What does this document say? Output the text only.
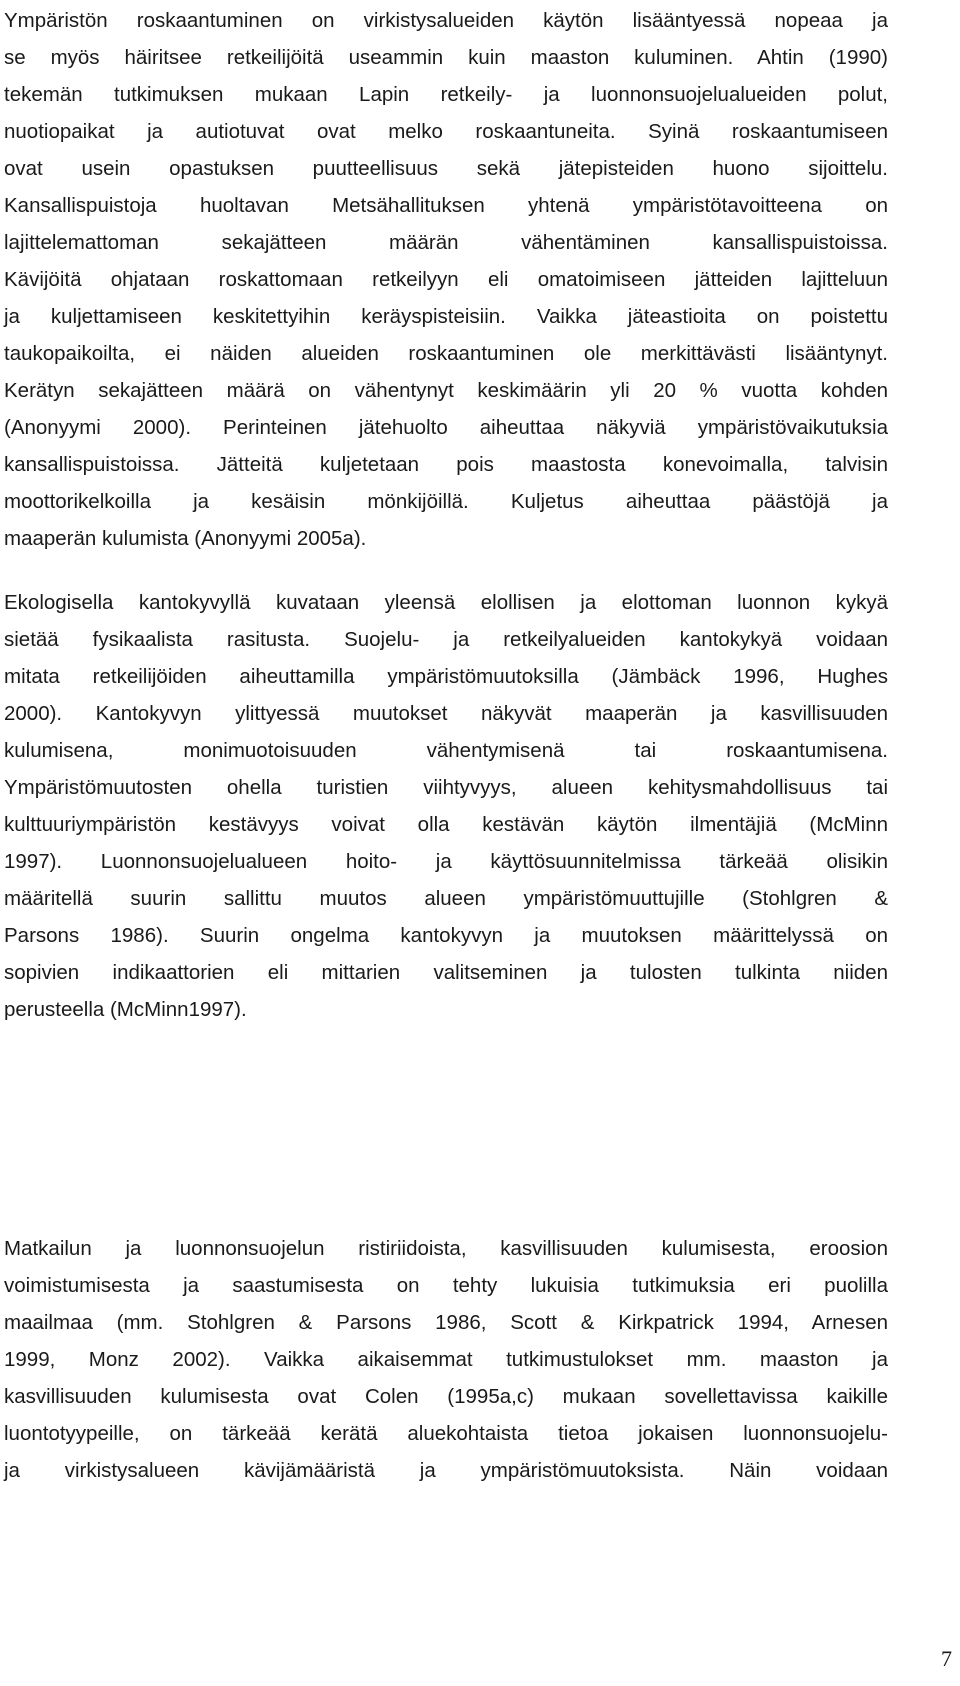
Ympäristön roskaantuminen on virkistysalueiden käytön lisääntyessä nopeaa ja
se myös häiritsee retkeilijöitä useammin kuin maaston kuluminen. Ahtin (1990)
tekemän tutkimuksen mukaan Lapin retkeily- ja luonnonsuojelualueiden polut,
nuotiopaikat ja autiotuvat ovat melko roskaantuneita. Syinä roskaantumiseen
ovat usein opastuksen puutteellisuus sekä jätepisteiden huono sijoittelu.
Kansallispuistoja huoltavan Metsähallituksen yhtenä ympäristötavoitteena on
lajittelemattoman sekajätteen määrän vähentäminen kansallispuistoissa.
Kävijöitä ohjataan roskattomaan retkeilyyn eli omatoimiseen jätteiden lajitteluun
ja kuljettamiseen keskitettyihin keräyspisteisiin. Vaikka jäteastioita on poistettu
taukopaikoilta, ei näiden alueiden roskaantuminen ole merkittävästi lisääntynyt.
Kerätyn sekajätteen määrä on vähentynyt keskimäärin yli 20 % vuotta kohden
(Anonyymi 2000). Perinteinen jätehuolto aiheuttaa näkyviä ympäristövaikutuksia
kansallispuistoissa. Jätteitä kuljetetaan pois maastosta konevoimalla, talvisin
moottorikelkoilla ja kesäisin mönkijöillä. Kuljetus aiheuttaa päästöjä ja
maaperän kulumista (Anonyymi 2005a).
Ekologisella kantokyvyllä kuvataan yleensä elollisen ja elottoman luonnon kykyä
sietää fysikaalista rasitusta. Suojelu- ja retkeilyalueiden kantokykyä voidaan
mitata retkeilijöiden aiheuttamilla ympäristömuutoksilla (Jämbäck 1996, Hughes
2000). Kantokyvyn ylittyessä muutokset näkyvät maaperän ja kasvillisuuden
kulumisena, monimuotoisuuden vähentymisenä tai roskaantumisena.
Ympäristömuutosten ohella turistien viihtyvyys, alueen kehitysmahdollisuus tai
kulttuuriympäristön kestävyys voivat olla kestävän käytön ilmentäjiä (McMinn
1997). Luonnonsuojelualueen hoito- ja käyttösuunnitelmissa tärkeää olisikin
määritellä suurin sallittu muutos alueen ympäristömuuttujille (Stohlgren &
Parsons 1986). Suurin ongelma kantokyvyn ja muutoksen määrittelyssä on
sopivien indikaattorien eli mittarien valitseminen ja tulosten tulkinta niiden
perusteella (McMinn1997).
Matkailun ja luonnonsuojelun ristiriidoista, kasvillisuuden kulumisesta, eroosion
voimistumisesta ja saastumisesta on tehty lukuisia tutkimuksia eri puolilla
maailmaa (mm. Stohlgren & Parsons 1986, Scott & Kirkpatrick 1994, Arnesen
1999, Monz 2002). Vaikka aikaisemmat tutkimustulokset mm. maaston ja
kasvillisuuden kulumisesta ovat Colen (1995a,c) mukaan sovellettavissa kaikille
luontotyypeille, on tärkeää kerätä aluekohtaista tietoa jokaisen luonnonsuojelu-
ja virkistysalueen kävijämääristä ja ympäristömuutoksista. Näin voidaan
7
